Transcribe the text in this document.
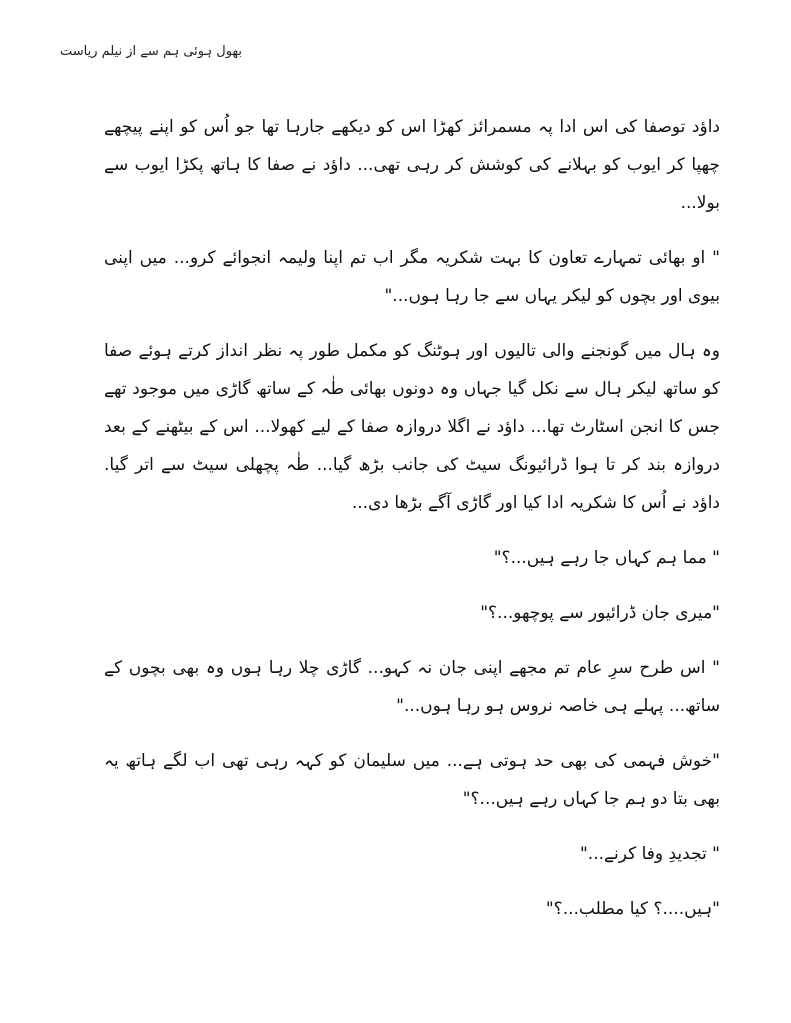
بھول ہوئی ہم سے از نیلم ریاست

داؤد توصفا کی اس ادا پہ مسمرائز کھڑا اس کو دیکھے جارہا تھا جو اُس کو اپنے پیچھے چھپا کر ایوب کو بہلانے کی کوشش کر رہی تھی... داؤد نے صفا کا ہاتھ پکڑا ایوب سے بولا...

" او بھائی تمہارے تعاون کا بہت شکریہ مگر اب تم اپنا ولیمہ انجوائے کرو... میں اپنی بیوی اور بچوں کو لیکر یہاں سے جا رہا ہوں..."

وہ ہال میں گونجنے والی تالیوں اور ہوٹنگ کو مکمل طور پہ نظر انداز کرتے ہوئے صفا کو ساتھ لیکر ہال سے نکل گیا جہاں وہ دونوں بھائی طٰہ کے ساتھ گاڑی میں موجود تھے جس کا انجن اسٹارٹ تھا... داؤد نے اگلا دروازہ صفا کے لیے کھولا... اس کے بیٹھنے کے بعد دروازہ بند کر تا ہوا ڈرائیونگ سیٹ کی جانب بڑھ گیا... طٰہ پچھلی سیٹ سے اتر گیا. داؤد نے اُس کا شکریہ ادا کیا اور گاڑی آگے بڑھا دی...

" مما ہم کہاں جا رہے ہیں...؟"

"میری جان ڈرائیور سے پوچھو...؟"

" اس طرح سرِ عام تم مجھے اپنی جان نہ کہو... گاڑی چلا رہا ہوں وہ بھی بچوں کے ساتھ... پہلے ہی خاصہ نروس ہو رہا ہوں..."

"خوش فہمی کی بھی حد ہوتی ہے... میں سلیمان کو کہہ رہی تھی اب لگے ہاتھ یہ بھی بتا دو ہم جا کہاں رہے ہیں...؟"

" تجدیدِ وفا کرنے..."

"ہیں....؟ کیا مطلب...؟"
